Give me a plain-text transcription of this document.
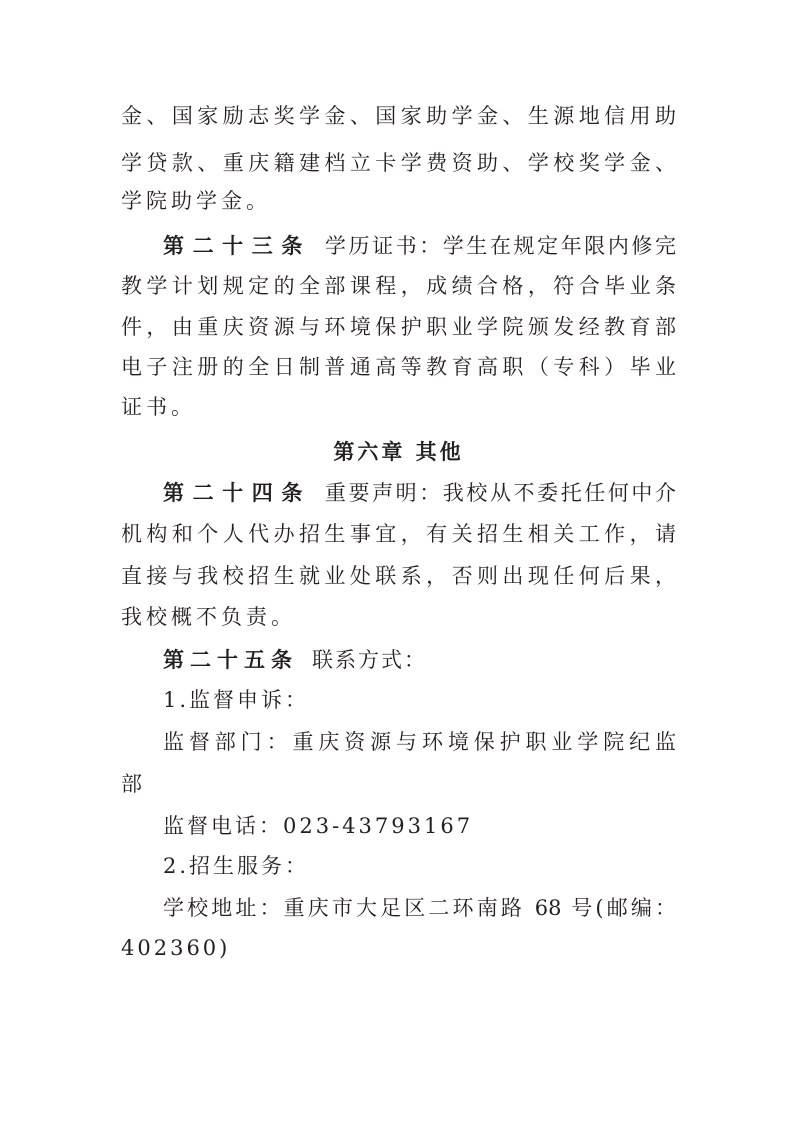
金、国家励志奖学金、国家助学金、生源地信用助
学贷款、重庆籍建档立卡学费资助、学校奖学金、
学院助学金。
第二十三条 学历证书：学生在规定年限内修完
教学计划规定的全部课程，成绩合格，符合毕业条
件，由重庆资源与环境保护职业学院颁发经教育部
电子注册的全日制普通高等教育高职（专科）毕业
证书。
第六章 其他
第二十四条 重要声明：我校从不委托任何中介
机构和个人代办招生事宜，有关招生相关工作，请
直接与我校招生就业处联系，否则出现任何后果，
我校概不负责。
第二十五条 联系方式：
1.监督申诉：
监督部门：重庆资源与环境保护职业学院纪监
部
监督电话：023-43793167
2.招生服务：
学校地址：重庆市大足区二环南路 68 号(邮编：
402360)
